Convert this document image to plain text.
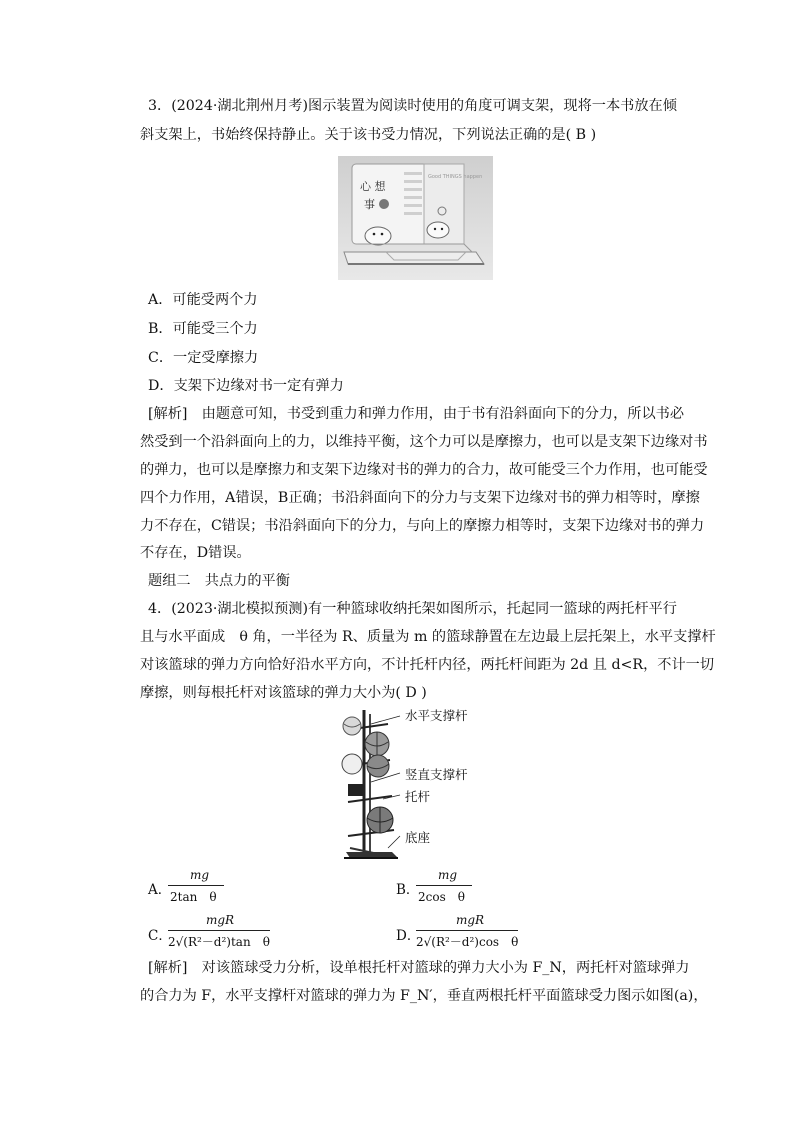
3．(2024·湖北荆州月考)图示装置为阅读时使用的角度可调支架，现将一本书放在倾
斜支架上，书始终保持静止。关于该书受力情况，下列说法正确的是( B )
心 想
事
Good THINGS happen
A．可能受两个力
B．可能受三个力
C．一定受摩擦力
D．支架下边缘对书一定有弹力
[解析]　由题意可知，书受到重力和弹力作用，由于书有沿斜面向下的分力，所以书必
然受到一个沿斜面向上的力，以维持平衡，这个力可以是摩擦力，也可以是支架下边缘对书
的弹力，也可以是摩擦力和支架下边缘对书的弹力的合力，故可能受三个力作用，也可能受
四个力作用，A错误，B正确；书沿斜面向下的分力与支架下边缘对书的弹力相等时，摩擦
力不存在，C错误；书沿斜面向下的分力，与向上的摩擦力相等时，支架下边缘对书的弹力
不存在，D错误。
题组二　共点力的平衡
4．(2023·湖北模拟预测)有一种篮球收纳托架如图所示，托起同一篮球的两托杆平行
且与水平面成　θ 角，一半径为 R、质量为 m 的篮球静置在左边最上层托架上，水平支撑杆
对该篮球的弹力方向恰好沿水平方向，不计托杆内径，两托杆间距为 2d 且 d<R，不计一切
摩擦，则每根托杆对该篮球的弹力大小为( D )
水平支撑杆
竖直支撑杆
托杆
底座
A．
mg
2tan　θ	B．
mg
2cos　θ
C．
mgR
2√(R²－d²)tan　θ	D．
mgR
2√(R²－d²)cos　θ
[解析]　对该篮球受力分析，设单根托杆对篮球的弹力大小为 F_N，两托杆对篮球弹力
的合力为 F，水平支撑杆对篮球的弹力为 F_N′，垂直两根托杆平面篮球受力图示如图(a)，
